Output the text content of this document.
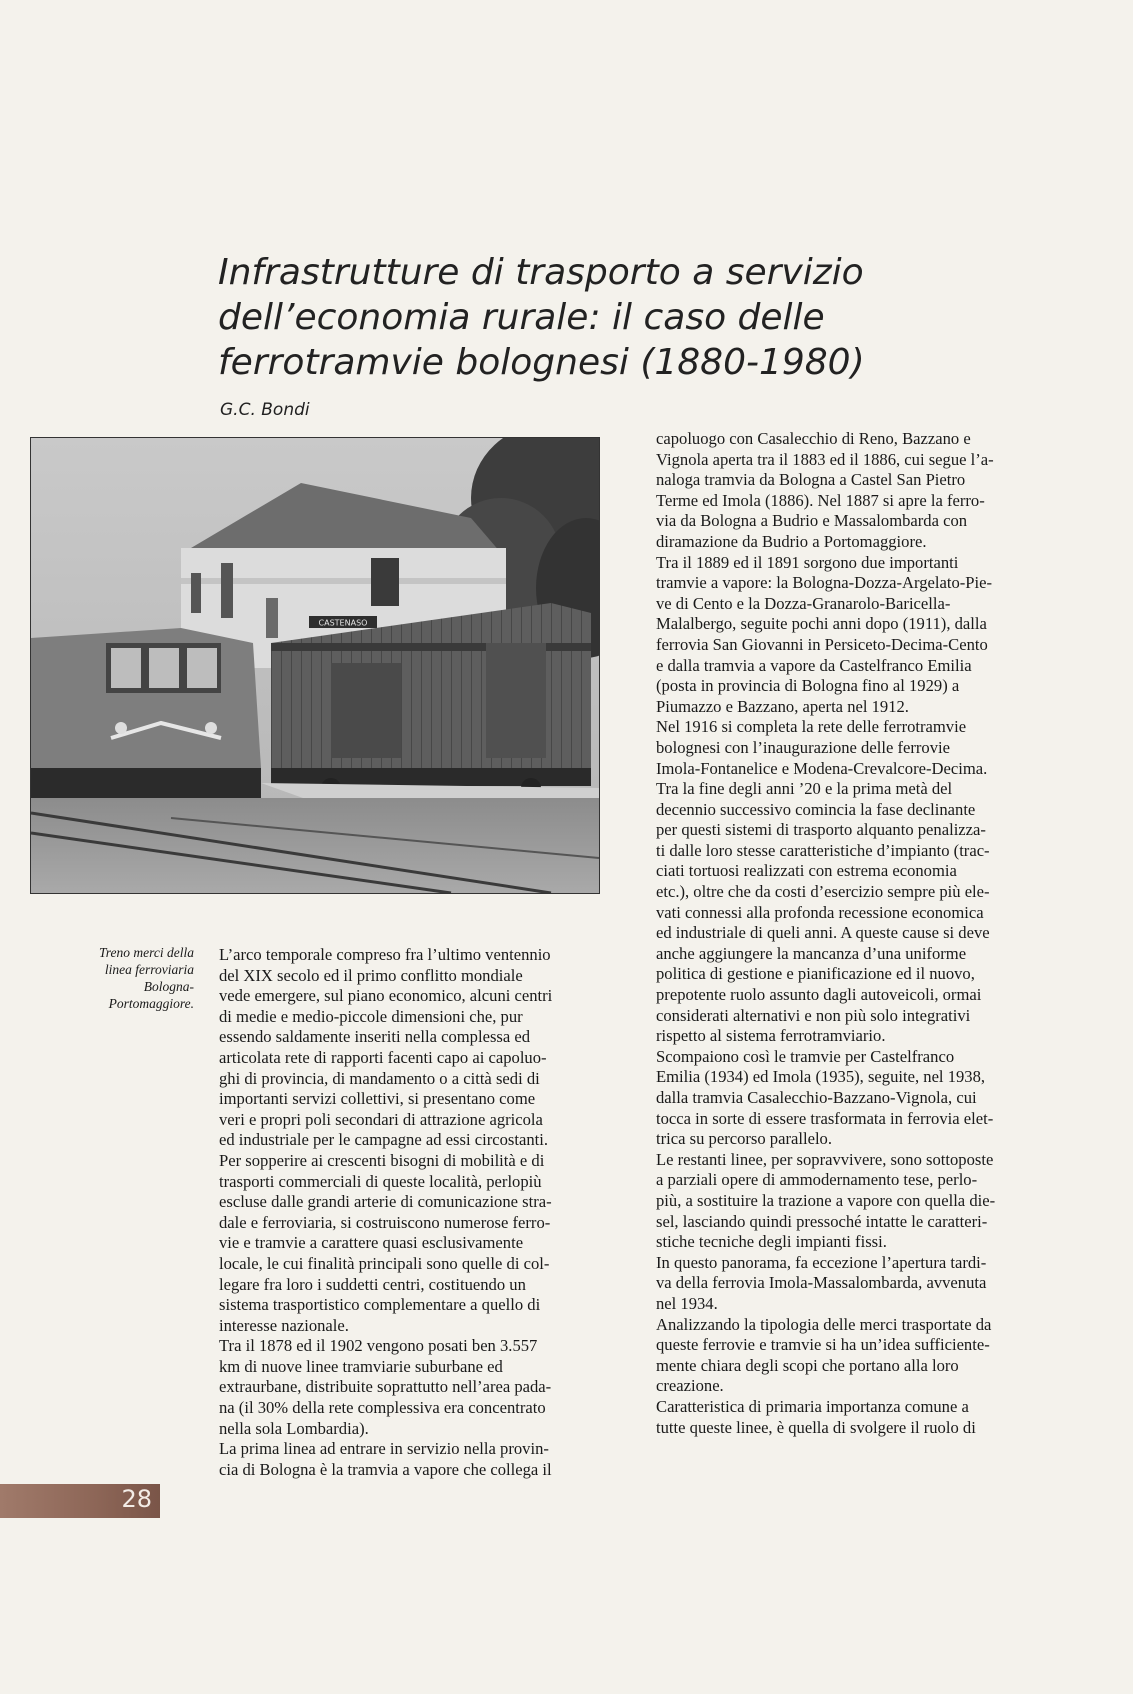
Infrastrutture di trasporto a servizio
dell’economia rurale: il caso delle
ferrotramvie bolognesi (1880-1980)
G.C. Bondi
CASTENASO
Treno merci della
linea ferroviaria
Bologna-
Portomaggiore.
L’arco temporale compreso fra l’ultimo ventennio
del XIX secolo ed il primo conflitto mondiale
vede emergere, sul piano economico, alcuni centri
di medie e medio-piccole dimensioni che, pur
essendo saldamente inseriti nella complessa ed
articolata rete di rapporti facenti capo ai capoluo-
ghi di provincia, di mandamento o a città sedi di
importanti servizi collettivi, si presentano come
veri e propri poli secondari di attrazione agricola
ed industriale per le campagne ad essi circostanti.
Per sopperire ai crescenti bisogni di mobilità e di
trasporti commerciali di queste località, perlopiù
escluse dalle grandi arterie di comunicazione stra-
dale e ferroviaria, si costruiscono numerose ferro-
vie e tramvie a carattere quasi esclusivamente
locale, le cui finalità principali sono quelle di col-
legare fra loro i suddetti centri, costituendo un
sistema trasportistico complementare a quello di
interesse nazionale.
Tra il 1878 ed il 1902 vengono posati ben 3.557
km di nuove linee tramviarie suburbane ed
extraurbane, distribuite soprattutto nell’area pada-
na (il 30% della rete complessiva era concentrato
nella sola Lombardia).
La prima linea ad entrare in servizio nella provin-
cia di Bologna è la tramvia a vapore che collega il
capoluogo con Casalecchio di Reno, Bazzano e
Vignola aperta tra il 1883 ed il 1886, cui segue l’a-
naloga tramvia da Bologna a Castel San Pietro
Terme ed Imola (1886). Nel 1887 si apre la ferro-
via da Bologna a Budrio e Massalombarda con
diramazione da Budrio a Portomaggiore.
Tra il 1889 ed il 1891 sorgono due importanti
tramvie a vapore: la Bologna-Dozza-Argelato-Pie-
ve di Cento e la Dozza-Granarolo-Baricella-
Malalbergo, seguite pochi anni dopo (1911), dalla
ferrovia San Giovanni in Persiceto-Decima-Cento
e dalla tramvia a vapore da Castelfranco Emilia
(posta in provincia di Bologna fino al 1929) a
Piumazzo e Bazzano, aperta nel 1912.
Nel 1916 si completa la rete delle ferrotramvie
bolognesi con l’inaugurazione delle ferrovie
Imola-Fontanelice e Modena-Crevalcore-Decima.
Tra la fine degli anni ’20 e la prima metà del
decennio successivo comincia la fase declinante
per questi sistemi di trasporto alquanto penalizza-
ti dalle loro stesse caratteristiche d’impianto (trac-
ciati tortuosi realizzati con estrema economia
etc.), oltre che da costi d’esercizio sempre più ele-
vati connessi alla profonda recessione economica
ed industriale di queli anni. A queste cause si deve
anche aggiungere la mancanza d’una uniforme
politica di gestione e pianificazione ed il nuovo,
prepotente ruolo assunto dagli autoveicoli, ormai
considerati alternativi e non più solo integrativi
rispetto al sistema ferrotramviario.
Scompaiono così le tramvie per Castelfranco
Emilia (1934) ed Imola (1935), seguite, nel 1938,
dalla tramvia Casalecchio-Bazzano-Vignola, cui
tocca in sorte di essere trasformata in ferrovia elet-
trica su percorso parallelo.
Le restanti linee, per sopravvivere, sono sottoposte
a parziali opere di ammodernamento tese, perlo-
più, a sostituire la trazione a vapore con quella die-
sel, lasciando quindi pressoché intatte le caratteri-
stiche tecniche degli impianti fissi.
In questo panorama, fa eccezione l’apertura tardi-
va della ferrovia Imola-Massalombarda, avvenuta
nel 1934.
Analizzando la tipologia delle merci trasportate da
queste ferrovie e tramvie si ha un’idea sufficiente-
mente chiara degli scopi che portano alla loro
creazione.
Caratteristica di primaria importanza comune a
tutte queste linee, è quella di svolgere il ruolo di
28
